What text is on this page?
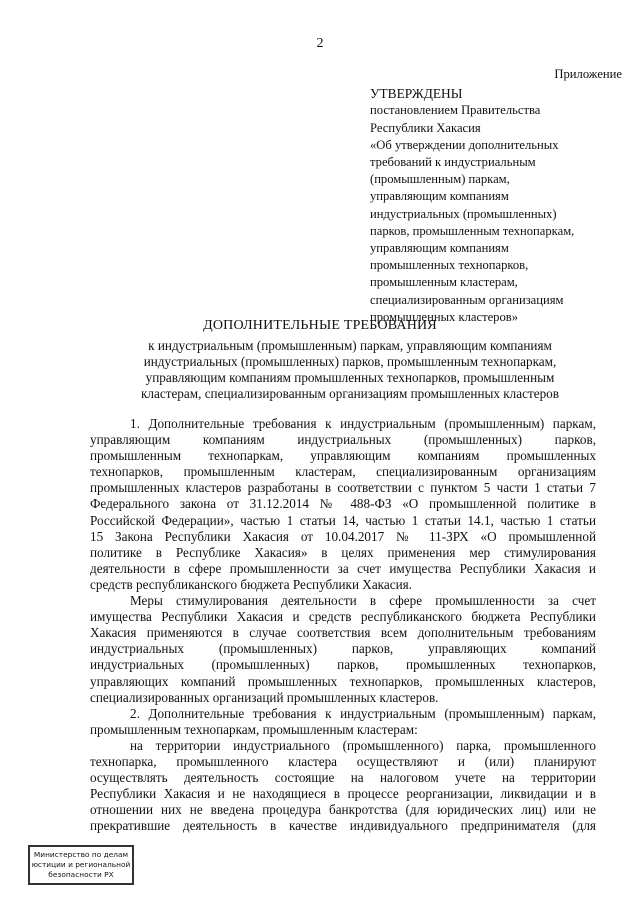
2
Приложение
УТВЕРЖДЕНЫ
постановлением Правительства
Республики Хакасия
«Об утверждении дополнительных
требований к индустриальным
(промышленным) паркам,
управляющим компаниям
индустриальных (промышленных)
парков, промышленным технопаркам,
управляющим компаниям
промышленных технопарков,
промышленным кластерам,
специализированным организациям
промышленных кластеров»
ДОПОЛНИТЕЛЬНЫЕ ТРЕБОВАНИЯ
к индустриальным (промышленным) паркам, управляющим компаниям
индустриальных (промышленных) парков, промышленным технопаркам,
управляющим компаниям промышленных технопарков, промышленным
кластерам, специализированным организациям промышленных кластеров
1. Дополнительные требования к индустриальным (промышленным) паркам,
управляющим компаниям индустриальных (промышленных) парков,
промышленным технопаркам, управляющим компаниям промышленных
технопарков, промышленным кластерам, специализированным организациям
промышленных кластеров разработаны в соответствии с пунктом 5 части 1 статьи 7
Федерального закона от 31.12.2014 № 488-ФЗ «О промышленной политике в
Российской Федерации», частью 1 статьи 14, частью 1 статьи 14.1, частью 1 статьи
15 Закона Республики Хакасия от 10.04.2017 № 11-ЗРХ «О промышленной
политике в Республике Хакасия» в целях применения мер стимулирования
деятельности в сфере промышленности за счет имущества Республики Хакасия и
средств республиканского бюджета Республики Хакасия.
Меры стимулирования деятельности в сфере промышленности за счет
имущества Республики Хакасия и средств республиканского бюджета Республики
Хакасия применяются в случае соответствия всем дополнительным требованиям
индустриальных (промышленных) парков, управляющих компаний
индустриальных (промышленных) парков, промышленных технопарков,
управляющих компаний промышленных технопарков, промышленных кластеров,
специализированных организаций промышленных кластеров.
2. Дополнительные требования к индустриальным (промышленным) паркам,
промышленным технопаркам, промышленным кластерам:
на территории индустриального (промышленного) парка, промышленного
технопарка, промышленного кластера осуществляют и (или) планируют
осуществлять деятельность состоящие на налоговом учете на территории
Республики Хакасия и не находящиеся в процессе реорганизации, ликвидации и в
отношении них не введена процедура банкротства (для юридических лиц) или не
прекратившие деятельность в качестве индивидуального предпринимателя (для
Министерство по делам
юстиции и региональной
безопасности РХ
